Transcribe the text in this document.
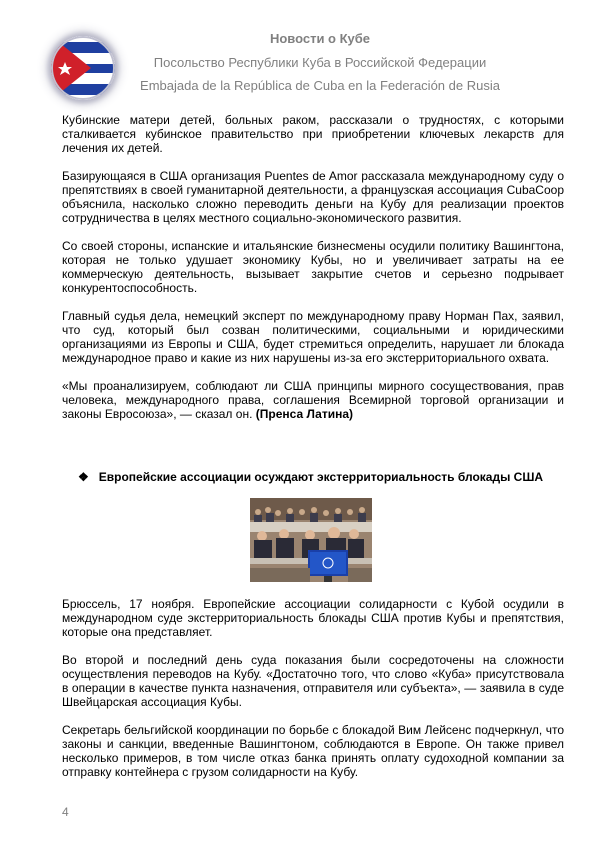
Новости о Кубе
Посольство Республики Куба в Российской Федерации
Embajada de la República de Cuba en la Federación de Rusia

Кубинские матери детей, больных раком, рассказали о трудностях, с которыми сталкивается кубинское правительство при приобретении ключевых лекарств для лечения их детей.

Базирующаяся в США организация Puentes de Amor рассказала международному суду о препятствиях в своей гуманитарной деятельности, а французская ассоциация CubaCoop объяснила, насколько сложно переводить деньги на Кубу для реализации проектов сотрудничества в целях местного социально-экономического развития.

Со своей стороны, испанские и итальянские бизнесмены осудили политику Вашингтона, которая не только удушает экономику Кубы, но и увеличивает затраты на ее коммерческую деятельность, вызывает закрытие счетов и серьезно подрывает конкурентоспособность.

Главный судья дела, немецкий эксперт по международному праву Норман Пах, заявил, что суд, который был созван политическими, социальными и юридическими организациями из Европы и США, будет стремиться определить, нарушает ли блокада международное право и какие из них нарушены из-за его экстерриториального охвата.

«Мы проанализируем, соблюдают ли США принципы мирного сосуществования, прав человека, международного права, соглашения Всемирной торговой организации и законы Евросоюза», — сказал он. (Пренса Латина)

❖ Европейские ассоциации осуждают экстерриториальность блокады США

Брюссель, 17 ноября. Европейские ассоциации солидарности с Кубой осудили в международном суде экстерриториальность блокады США против Кубы и препятствия, которые она представляет.

Во второй и последний день суда показания были сосредоточены на сложности осуществления переводов на Кубу. «Достаточно того, что слово «Куба» присутствовала в операции в качестве пункта назначения, отправителя или субъекта», — заявила в суде Швейцарская ассоциация Кубы.

Секретарь бельгийской координации по борьбе с блокадой Вим Лейсенс подчеркнул, что законы и санкции, введенные Вашингтоном, соблюдаются в Европе. Он также привел несколько примеров, в том числе отказ банка принять оплату судоходной компании за отправку контейнера с грузом солидарности на Кубу.

4
